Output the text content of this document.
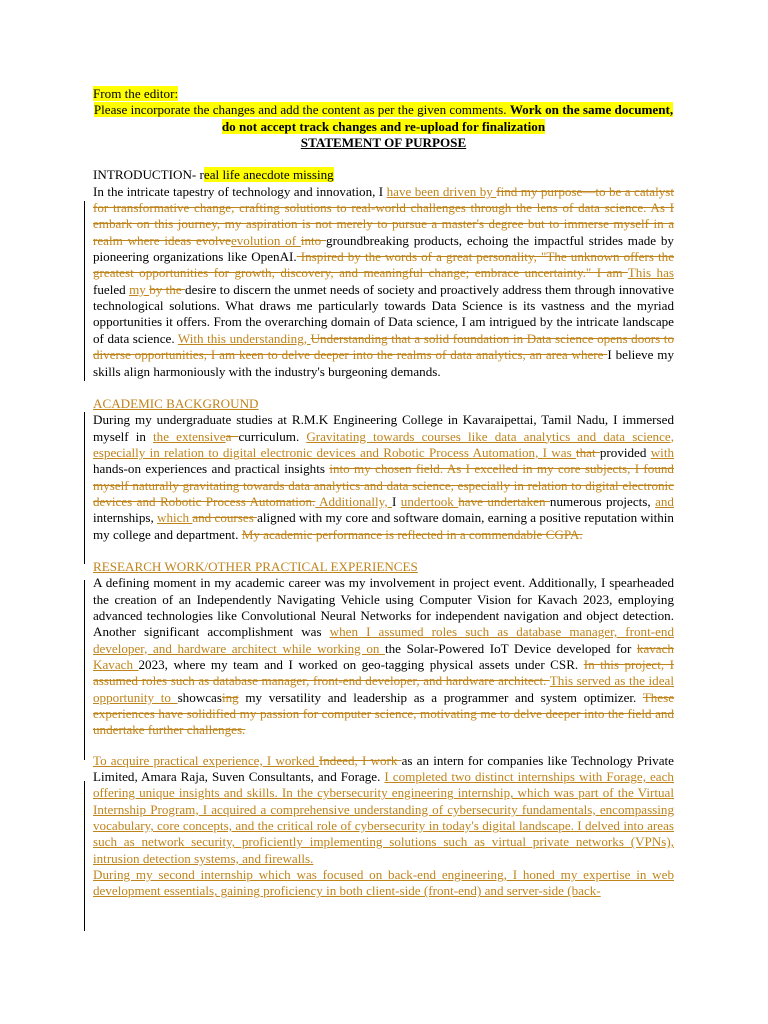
From the editor:
Please incorporate the changes and add the content as per the given comments. Work on the same document, do not accept track changes and re-upload for finalization
STATEMENT OF PURPOSE
INTRODUCTION- real life anecdote missing

In the intricate tapestry of technology and innovation, I have been driven by find my purpose—to be a catalyst for transformative change, crafting solutions to real-world challenges through the lens of data science. As I embark on this journey, my aspiration is not merely to pursue a master's degree but to immerse myself in a realm where ideas evolveevolution of into groundbreaking products, echoing the impactful strides made by pioneering organizations like OpenAI. Inspired by the words of a great personality, "The unknown offers the greatest opportunities for growth, discovery, and meaningful change; embrace uncertainty." I am This has fueled my by the desire to discern the unmet needs of society and proactively address them through innovative technological solutions. What draws me particularly towards Data Science is its vastness and the myriad opportunities it offers. From the overarching domain of Data science, I am intrigued by the intricate landscape of data science. With this understanding, Understanding that a solid foundation in Data science opens doors to diverse opportunities, I am keen to delve deeper into the realms of data analytics, an area where I believe my skills align harmoniously with the industry's burgeoning demands.

ACADEMIC BACKGROUND

During my undergraduate studies at R.M.K Engineering College in Kavaraipettai, Tamil Nadu, I immersed myself in the extensivea curriculum. Gravitating towards courses like data analytics and data science, especially in relation to digital electronic devices and Robotic Process Automation, I was that provided with hands-on experiences and practical insights into my chosen field. As I excelled in my core subjects, I found myself naturally gravitating towards data analytics and data science, especially in relation to digital electronic devices and Robotic Process Automation. Additionally, I undertook have undertaken numerous projects, and internships, which and courses aligned with my core and software domain, earning a positive reputation within my college and department. My academic performance is reflected in a commendable CGPA.

RESEARCH WORK/OTHER PRACTICAL EXPERIENCES

A defining moment in my academic career was my involvement in project event. Additionally, I spearheaded the creation of an Independently Navigating Vehicle using Computer Vision for Kavach 2023, employing advanced technologies like Convolutional Neural Networks for independent navigation and object detection. Another significant accomplishment was when I assumed roles such as database manager, front-end developer, and hardware architect while working on the Solar-Powered IoT Device developed for kavach Kavach 2023, where my team and I worked on geo-tagging physical assets under CSR. In this project, I assumed roles such as database manager, front-end developer, and hardware architect. This served as the ideal opportunity to showcasing my versatility and leadership as a programmer and system optimizer. These experiences have solidified my passion for computer science, motivating me to delve deeper into the field and undertake further challenges.

To acquire practical experience, I worked Indeed, I work as an intern for companies like Technology Private Limited, Amara Raja, Suven Consultants, and Forage. I completed two distinct internships with Forage, each offering unique insights and skills. In the cybersecurity engineering internship, which was part of the Virtual Internship Program, I acquired a comprehensive understanding of cybersecurity fundamentals, encompassing vocabulary, core concepts, and the critical role of cybersecurity in today's digital landscape. I delved into areas such as network security, proficiently implementing solutions such as virtual private networks (VPNs), intrusion detection systems, and firewalls.

During my second internship which was focused on back-end engineering, I honed my expertise in web development essentials, gaining proficiency in both client-side (front-end) and server-side (back-
